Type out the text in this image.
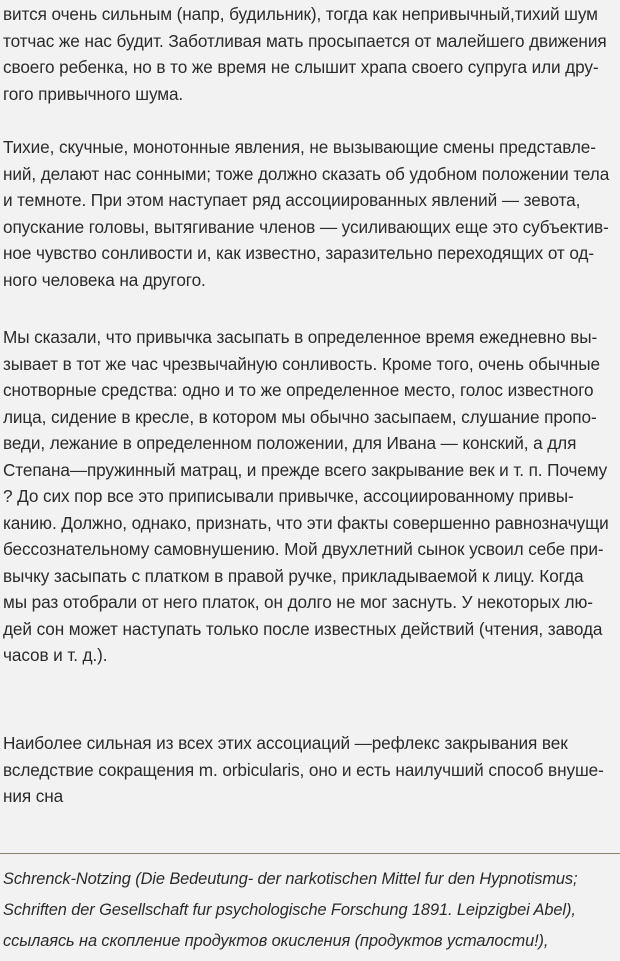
вится очень сильным (напр, будильник), тогда как непривычный,тихий шум
тотчас же нас будит. Заботливая мать просыпается от малейшего движения
своего ребенка, но в то же время не слышит храпа своего супруга или дру-
гого привычного шума.
Тихие, скучные, монотонные явления, не вызывающие смены представле-
ний, делают нас сонными; тоже должно сказать об удобном положении тела
и темноте. При этом наступает ряд ассоциированных явлений — зевота,
опускание головы, вытягивание членов — усиливающих еще это субъектив-
ное чувство сонливости и, как известно, заразительно переходящих от од-
ного человека на другого.
Мы сказали, что привычка засыпать в определенное время ежедневно вы-
зывает в тот же час чрезвычайную сонливость. Кроме того, очень обычные
снотворные средства: одно и то же определенное место, голос известного
лица, сидение в кресле, в котором мы обычно засыпаем, слушание пропо-
веди, лежание в определенном положении, для Ивана — конский, а для
Степана—пружинный матрац, и прежде всего закрывание век и т. п. Почему
? До сих пор все это приписывали привычке, ассоциированному привы-
канию. Должно, однако, признать, что эти факты совершенно равнозначущи
бессознательному самовнушению. Мой двухлетний сынок усвоил себе при-
вычку засыпать с платком в правой ручке, прикладываемой к лицу. Когда
мы раз отобрали от него платок, он долго не мог заснуть. У некоторых лю-
дей сон может наступать только после известных действий (чтения, завода
часов и т. д.).
Наиболее сильная из всех этих ассоциаций —рефлекс закрывания век
вследствие сокращения m. orbicularis, оно и есть наилучший способ внуше-
ния сна
Schrenck-Notzing (Die Bedeutung- der narkotischen Mittel fur den Hypnotismus;
Schriften der Gesellschaft fur psychologische Forschung 1891. Leipzigbei Abel),
ссылаясь на скопление продуктов окисления (продуктов усталости!),
